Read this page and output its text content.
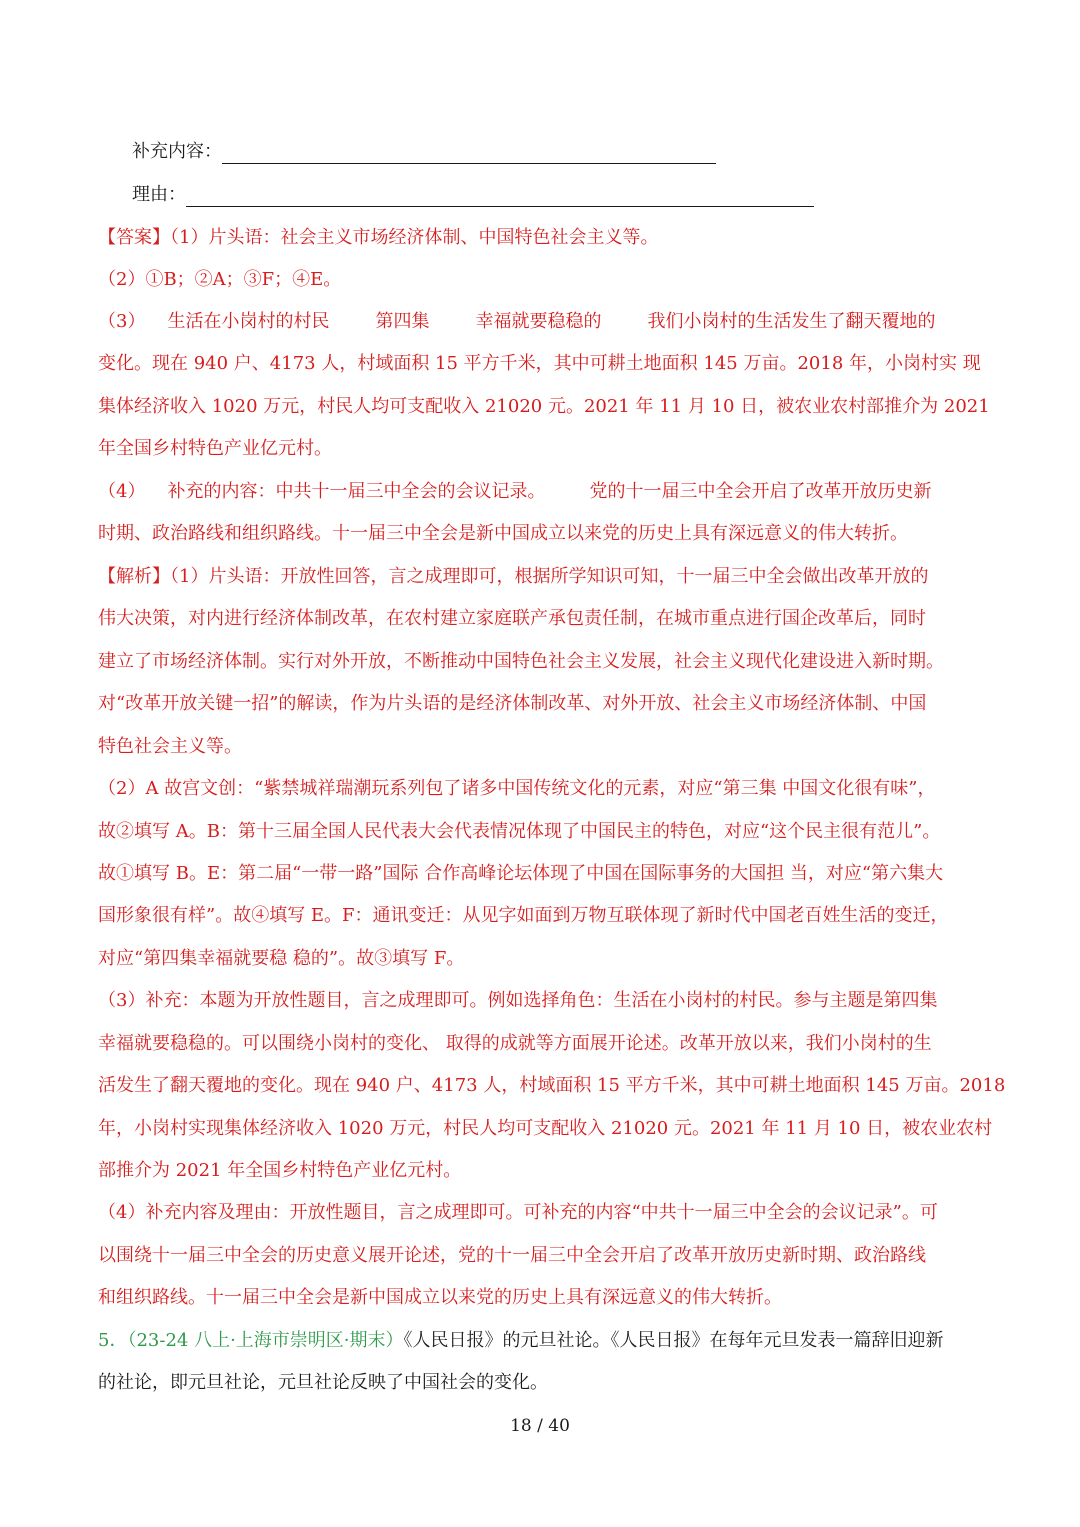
补充内容：
理由：
【答案】（1）片头语：社会主义市场经济体制、中国特色社会主义等。
（2）①B；②A；③F；④E。
（3） 生活在小岗村的村民	第四集	幸福就要稳稳的	我们小岗村的生活发生了翻天覆地的
变化。现在 940 户、4173 人，村域面积 15 平方千米，其中可耕土地面积 145 万亩。2018 年，小岗村实 现
集体经济收入 1020 万元，村民人均可支配收入 21020 元。2021 年 11 月 10 日，被农业农村部推介为 2021
年全国乡村特色产业亿元村。
（4） 补充的内容：中共十一届三中全会的会议记录。 党的十一届三中全会开启了改革开放历史新
时期、政治路线和组织路线。十一届三中全会是新中国成立以来党的历史上具有深远意义的伟大转折。
【解析】（1）片头语：开放性回答，言之成理即可，根据所学知识可知，十一届三中全会做出改革开放的
伟大决策，对内进行经济体制改革，在农村建立家庭联产承包责任制，在城市重点进行国企改革后，同时
建立了市场经济体制。实行对外开放，不断推动中国特色社会主义发展，社会主义现代化建设进入新时期。
对“改革开放关键一招”的解读，作为片头语的是经济体制改革、对外开放、社会主义市场经济体制、中国
特色社会主义等。
（2）A 故宫文创：“紫禁城祥瑞潮玩系列包了诸多中国传统文化的元素，对应“第三集 中国文化很有味”，
故②填写 A。B：第十三届全国人民代表大会代表情况体现了中国民主的特色，对应“这个民主很有范儿”。
故①填写 B。E：第二届“一带一路”国际 合作高峰论坛体现了中国在国际事务的大国担 当，对应“第六集大
国形象很有样”。故④填写 E。F：通讯变迁：从见字如面到万物互联体现了新时代中国老百姓生活的变迁，
对应“第四集幸福就要稳 稳的”。故③填写 F。
（3）补充：本题为开放性题目，言之成理即可。例如选择角色：生活在小岗村的村民。参与主题是第四集
幸福就要稳稳的。可以围绕小岗村的变化、 取得的成就等方面展开论述。改革开放以来，我们小岗村的生
活发生了翻天覆地的变化。现在 940 户、4173 人，村域面积 15 平方千米，其中可耕土地面积 145 万亩。2018
年，小岗村实现集体经济收入 1020 万元，村民人均可支配收入 21020 元。2021 年 11 月 10 日，被农业农村
部推介为 2021 年全国乡村特色产业亿元村。
（4）补充内容及理由：开放性题目，言之成理即可。可补充的内容“中共十一届三中全会的会议记录”。可
以围绕十一届三中全会的历史意义展开论述，党的十一届三中全会开启了改革开放历史新时期、政治路线
和组织路线。十一届三中全会是新中国成立以来党的历史上具有深远意义的伟大转折。
5．（23-24 八上·上海市崇明区·期末）《人民日报》的元旦社论。《人民日报》在每年元旦发表一篇辞旧迎新
的社论，即元旦社论，元旦社论反映了中国社会的变化。
18 / 40
